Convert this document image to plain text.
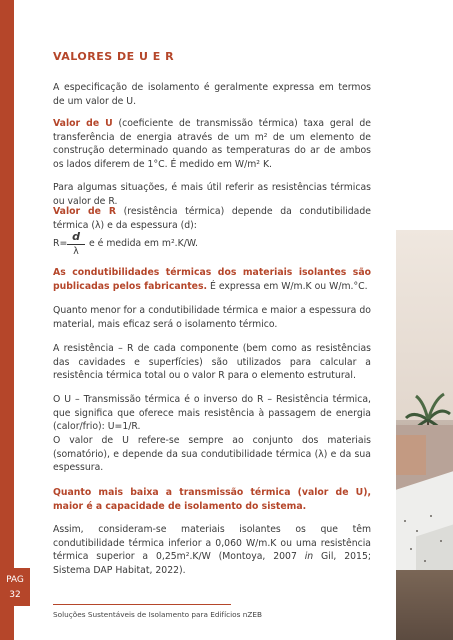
VALORES DE U E R

A especificação de isolamento é geralmente expressa em termos de um valor de U.

Valor de U (coeficiente de transmissão térmica) taxa geral de transferência de energia através de um m² de um elemento de construção determinado quando as temperaturas do ar de ambos os lados diferem de 1°C. É medido em W/m² K.

Para algumas situações, é mais útil referir as resistências térmicas ou valor de R.

Valor de R (resistência térmica) depende da condutibilidade térmica (λ) e da espessura (d):

R=
d
λ
e é medida em m².K/W.

As condutibilidades térmicas dos materiais isolantes são publicadas pelos fabricantes. É expressa em W/m.K ou W/m.°C.

Quanto menor for a condutibilidade térmica e maior a espessura do material, mais eficaz será o isolamento térmico.

A resistência – R de cada componente (bem como as resistências das cavidades e superfícies) são utilizados para calcular a resistência térmica total ou o valor R para o elemento estrutural.

O U – Transmissão térmica é o inverso do R – Resistência térmica, que significa que oferece mais resistência à passagem de energia (calor/frio): U=1/R.

O valor de U refere-se sempre ao conjunto dos materiais (somatório), e depende da sua condutibilidade térmica (λ) e da sua espessura.

Quanto mais baixa a transmissão térmica (valor de U), maior é a capacidade de isolamento do sistema.

Assim, consideram-se materiais isolantes os que têm condutibilidade térmica inferior a 0,060 W/m.K ou uma resistência térmica superior a 0,25m².K/W (Montoya, 2007 in Gil, 2015; Sistema DAP Habitat, 2022).

PAG
32
Soluções Sustentáveis de Isolamento para Edifícios nZEB
